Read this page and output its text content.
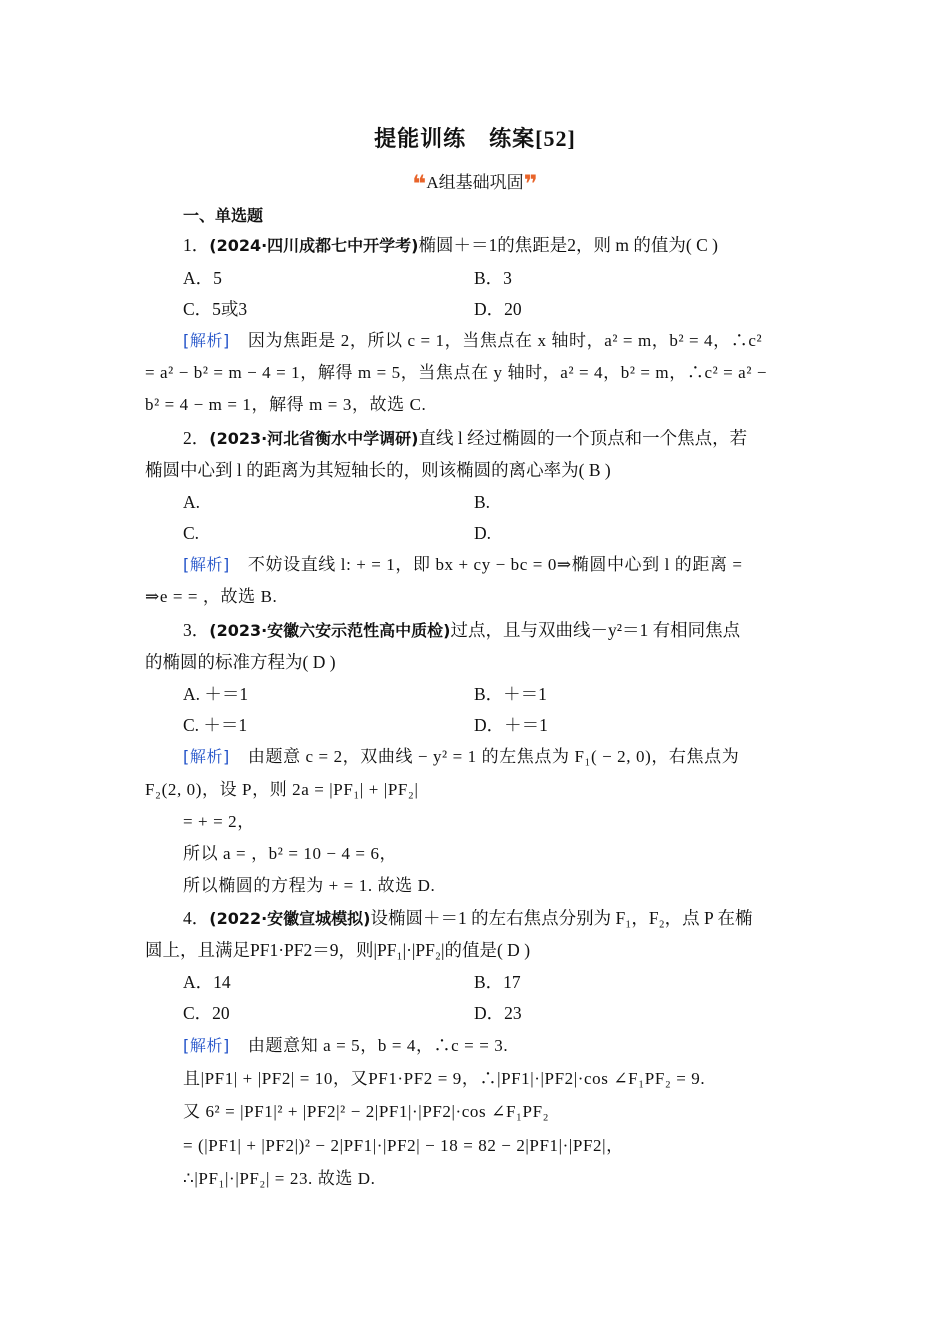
提能训练　练案[52]
❝A组基础巩固❞
一、单选题
1．(2024·四川成都七中开学考)椭圆＋＝1的焦距是2，则 m 的值为( C )
A．5	B．3
C．5或3	D．20
[解析] 因为焦距是 2，所以 c = 1，当焦点在 x 轴时，a² = m，b² = 4，∴c²
= a² − b² = m − 4 = 1，解得 m = 5，当焦点在 y 轴时，a² = 4，b² = m，∴c² = a² −
b² = 4 − m = 1，解得 m = 3，故选 C.
2．(2023·河北省衡水中学调研)直线 l 经过椭圆的一个顶点和一个焦点，若
椭圆中心到 l 的距离为其短轴长的，则该椭圆的离心率为( B )
A.	B.
C.	D.
[解析] 不妨设直线 l: + = 1，即 bx + cy − bc = 0⇒椭圆中心到 l 的距离 =
⇒e = = ，故选 B.
3．(2023·安徽六安示范性高中质检)过点，且与双曲线－y²＝1 有相同焦点
的椭圆的标准方程为( D )
A. ＋＝1	B．＋＝1
C. ＋＝1	D．＋＝1
[解析] 由题意 c = 2，双曲线 − y² = 1 的左焦点为 F₁( − 2, 0)，右焦点为
F₂(2, 0)，设 P，则 2a = |PF₁| + |PF₂|
= + = 2，
所以 a = ，b² = 10 − 4 = 6，
所以椭圆的方程为 + = 1. 故选 D.
4．(2022·安徽宣城模拟)设椭圆＋＝1 的左右焦点分别为 F₁，F₂，点 P 在椭
圆上，且满足PF1·PF2＝9，则|PF₁|·|PF₂|的值是( D )
A．14	B．17
C．20	D．23
[解析] 由题意知 a = 5，b = 4，∴c = = 3.
且|PF1| + |PF2| = 10，又PF1·PF2 = 9，∴|PF1|·|PF2|·cos ∠F₁PF₂ = 9.
又 6² = |PF1|² + |PF2|² − 2|PF1|·|PF2|·cos ∠F₁PF₂
= (|PF1| + |PF2|)² − 2|PF1|·|PF2| − 18 = 82 − 2|PF1|·|PF2|，
∴|PF₁|·|PF₂| = 23. 故选 D.
